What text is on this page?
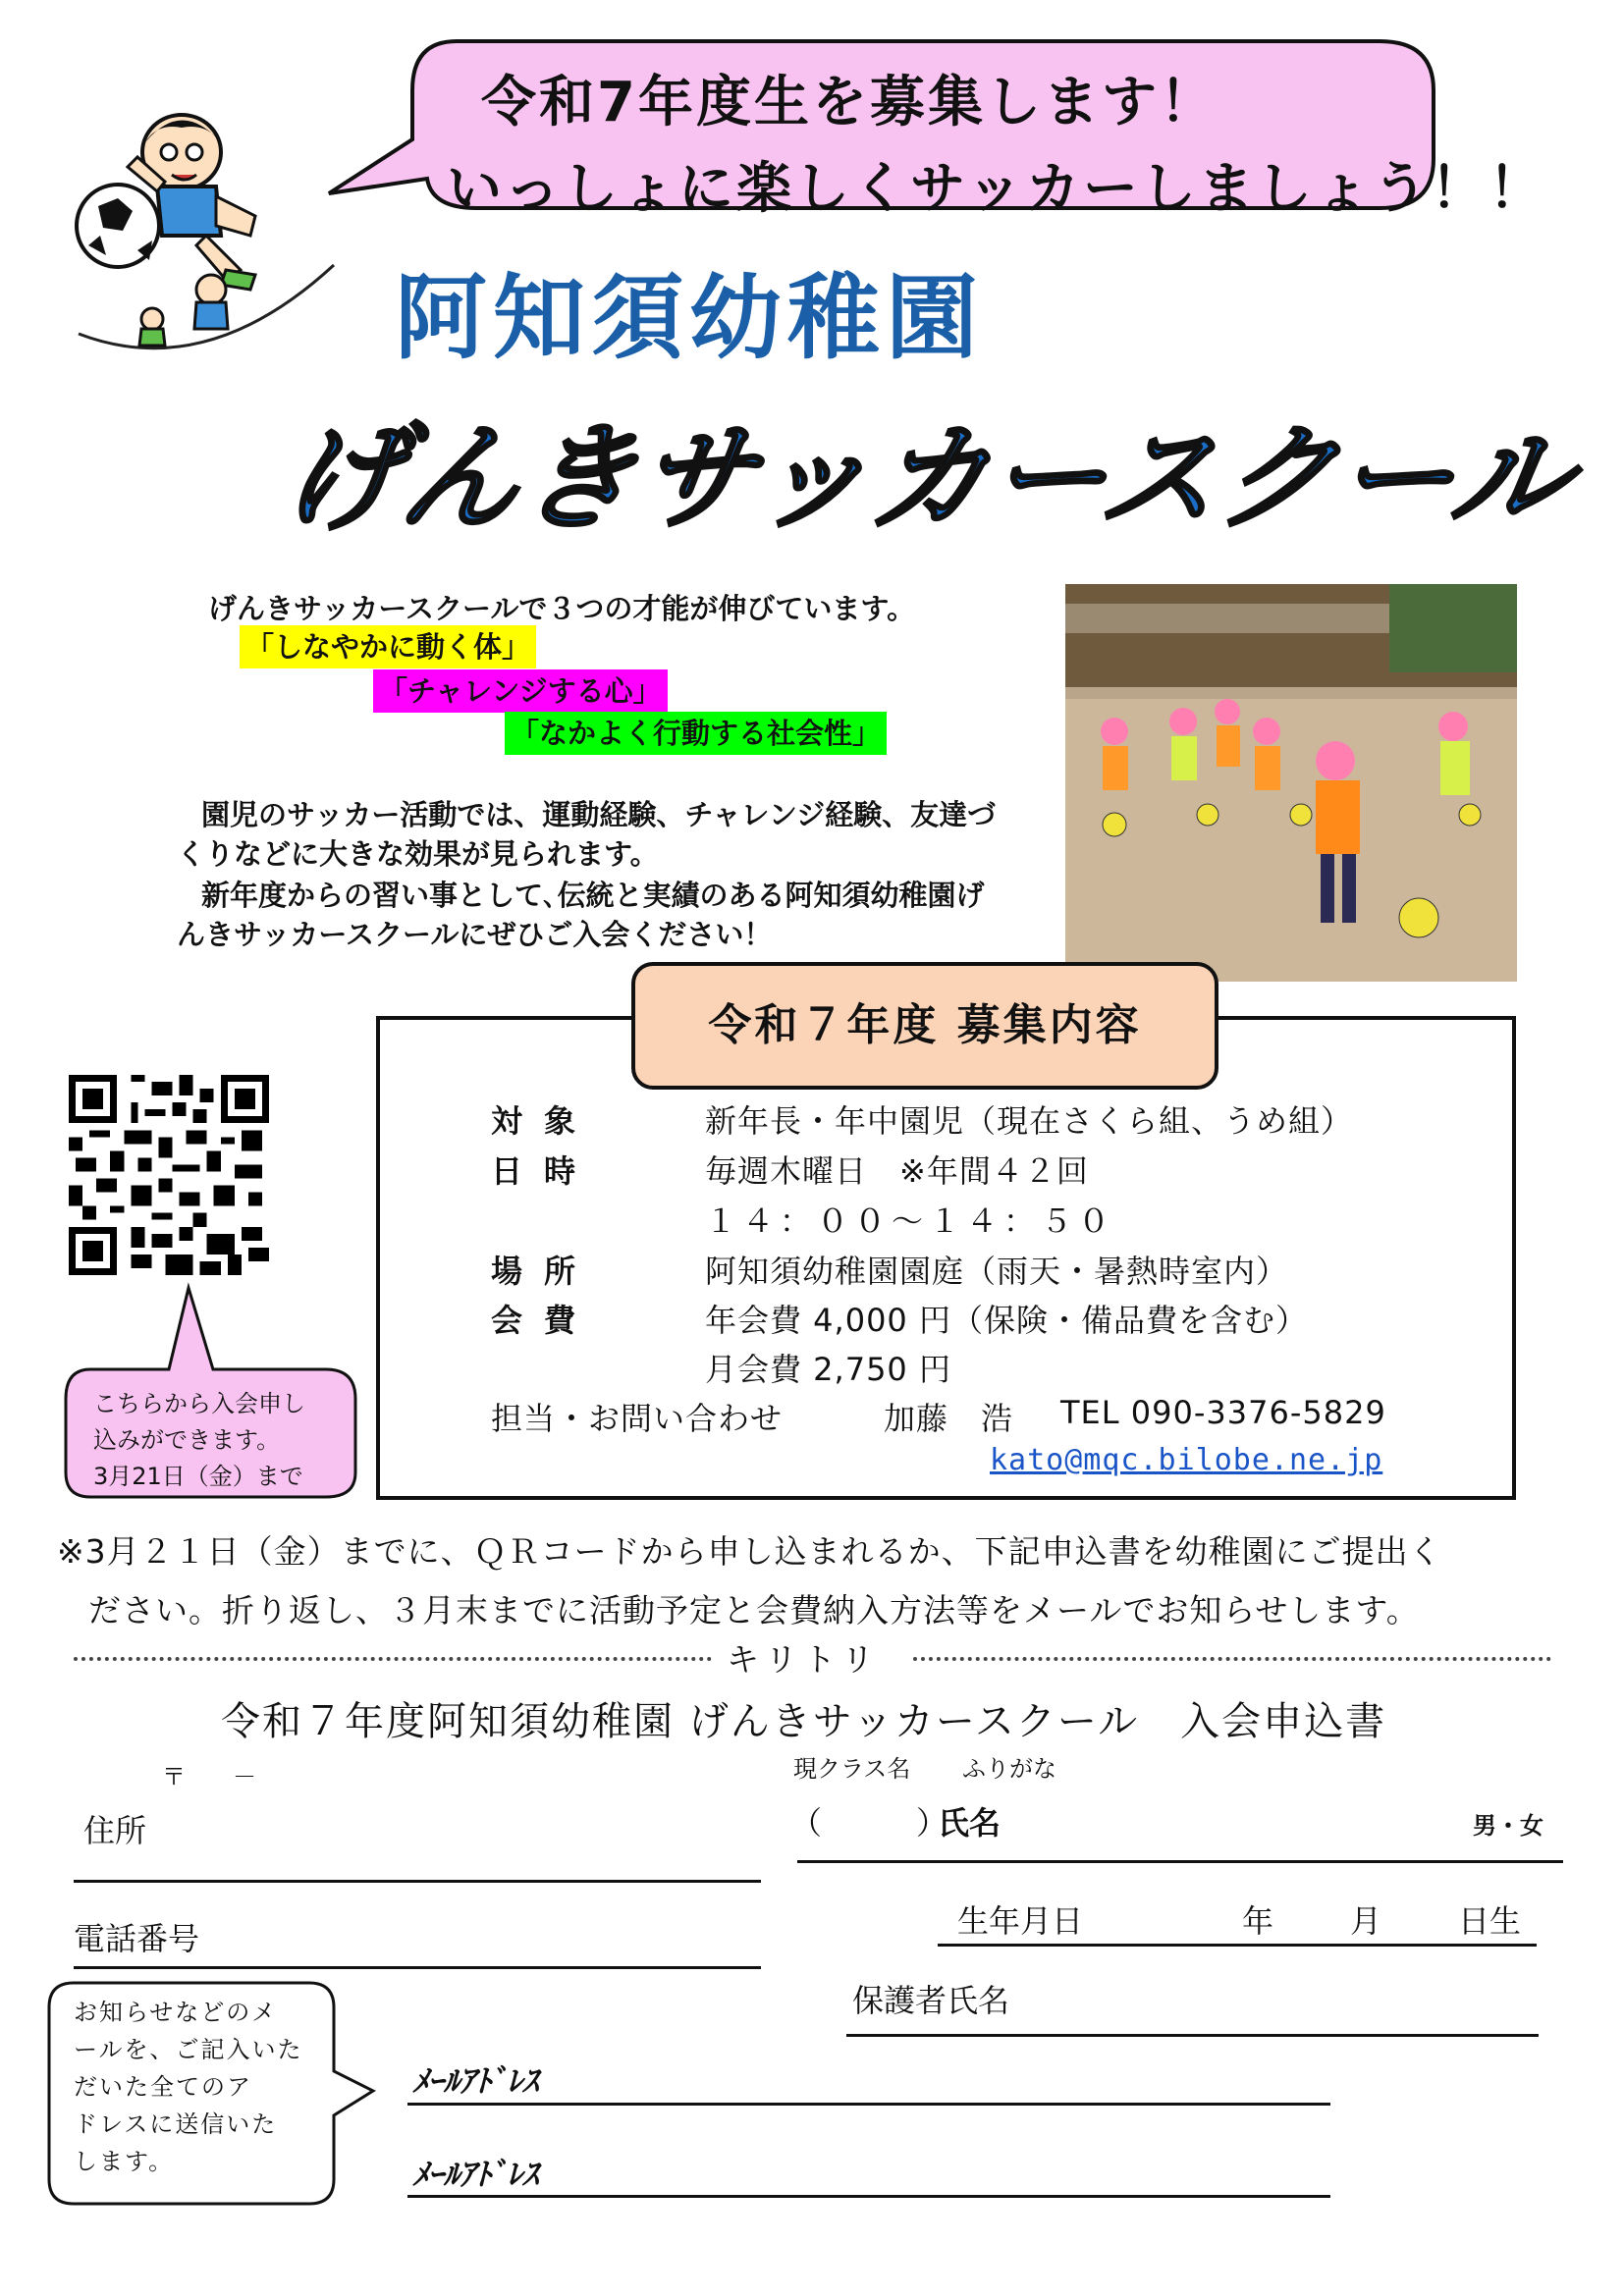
令和7年度生を募集します！
いっしょに楽しくサッカーしましょう！！
阿知須幼稚園
げんきサッカースクール
げんきサッカースクールで３つの才能が伸びています。
「しなやかに動く体」
「チャレンジする心」
「なかよく行動する社会性」
園児のサッカー活動では、運動経験、チャレンジ経験、友達づ
くりなどに大きな効果が見られます。
新年度からの習い事として､伝統と実績のある阿知須幼稚園げ
んきサッカースクールにぜひご入会ください！
令和７年度 募集内容
対象	新年長・年中園児（現在さくら組、うめ組）
日時	毎週木曜日　※年間４２回
１４：００～１４：５０
場所	阿知須幼稚園園庭（雨天・暑熱時室内）
会費	年会費 4,000 円（保険・備品費を含む）
月会費 2,750 円
担当・お問い合わせ	加藤　浩 TEL 090-3376-5829
kato@mqc.bilobe.ne.jp
こちらから入会申し
込みができます。
3月21日（金）まで
※3月２１日（金）までに、ＱＲコードから申し込まれるか、下記申込書を幼稚園にご提出く
ださい。折り返し、３月末までに活動予定と会費納入方法等をメールでお知らせします。
キリトリ
令和７年度阿知須幼稚園 げんきサッカースクール　入会申込書
〒　　－
住所
現クラス名 ふりがな
（　　　）
氏名	男・女
電話番号	生年月日	年 月 日生
保護者氏名
お知らせなどのメ
ールを、ご記入いた
だいた全てのア
ドレスに送信いた
します。
ﾒｰﾙｱﾄﾞﾚｽ
ﾒｰﾙｱﾄﾞﾚｽ
